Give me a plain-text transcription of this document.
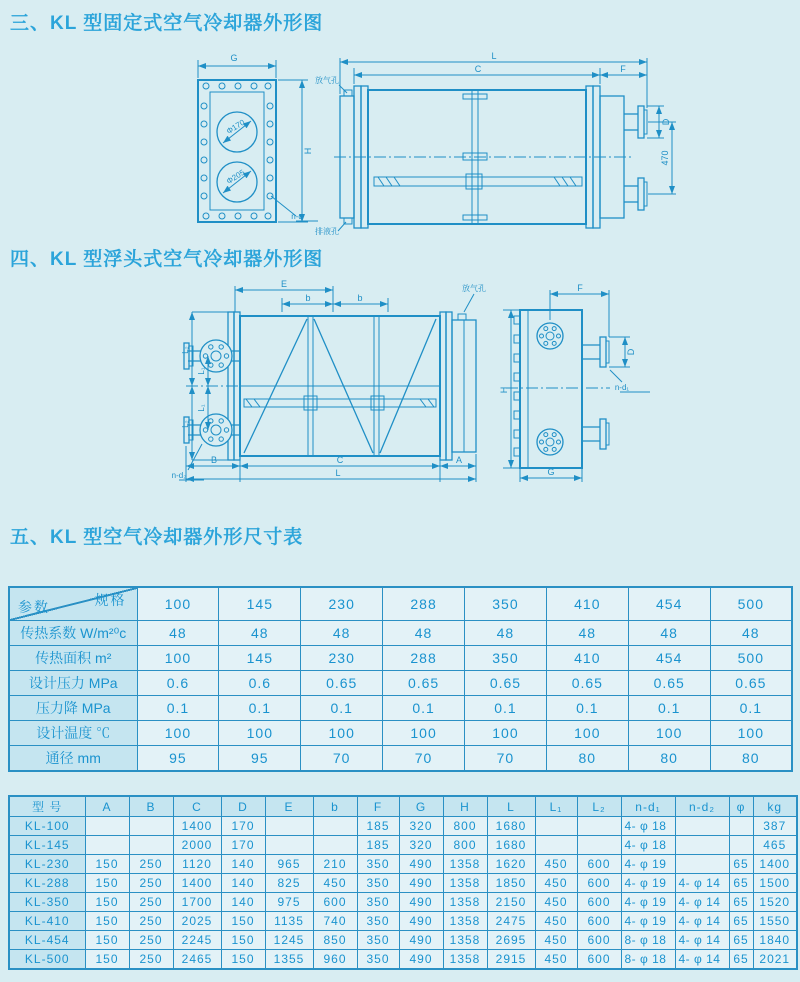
三、KL 型固定式空气冷却器外形图
Φ170
Φ205
G
H
n-d
放气孔
排液孔
L
C	F
D
470
四、KL 型浮头式空气冷却器外形图
放气孔
E
b	b
L₁
L₁
L₂
L₂
n-d₂
B	C	A
L
F
D
n-d₁
H
G
五、KL 型空气冷却器外形尺寸表
规格
参数	100	145	230	288	350	410	454	500
传热系数 W/m²⁰c	48	48	48	48	48	48	48	48
传热面积 m²	100	145	230	288	350	410	454	500
设计压力 MPa	0.6	0.6	0.65	0.65	0.65	0.65	0.65	0.65
压力降 MPa	0.1	0.1	0.1	0.1	0.1	0.1	0.1	0.1
设计温度 ℃	100	100	100	100	100	100	100	100
通径 mm	95	95	70	70	70	80	80	80
型 号	A	B	C	D	E	b	F	G	H	L	L₁	L₂	n-d₁	n-d₂	φ	kg
KL-100			1400	170			185	320	800	1680			4- φ 18			387
KL-145			2000	170			185	320	800	1680			4- φ 18			465
KL-230	150	250	1120	140	965	210	350	490	1358	1620	450	600	4- φ 19		65	1400
KL-288	150	250	1400	140	825	450	350	490	1358	1850	450	600	4- φ 19	4- φ 14	65	1500
KL-350	150	250	1700	140	975	600	350	490	1358	2150	450	600	4- φ 19	4- φ 14	65	1520
KL-410	150	250	2025	150	1135	740	350	490	1358	2475	450	600	4- φ 19	4- φ 14	65	1550
KL-454	150	250	2245	150	1245	850	350	490	1358	2695	450	600	8- φ 18	4- φ 14	65	1840
KL-500	150	250	2465	150	1355	960	350	490	1358	2915	450	600	8- φ 18	4- φ 14	65	2021
